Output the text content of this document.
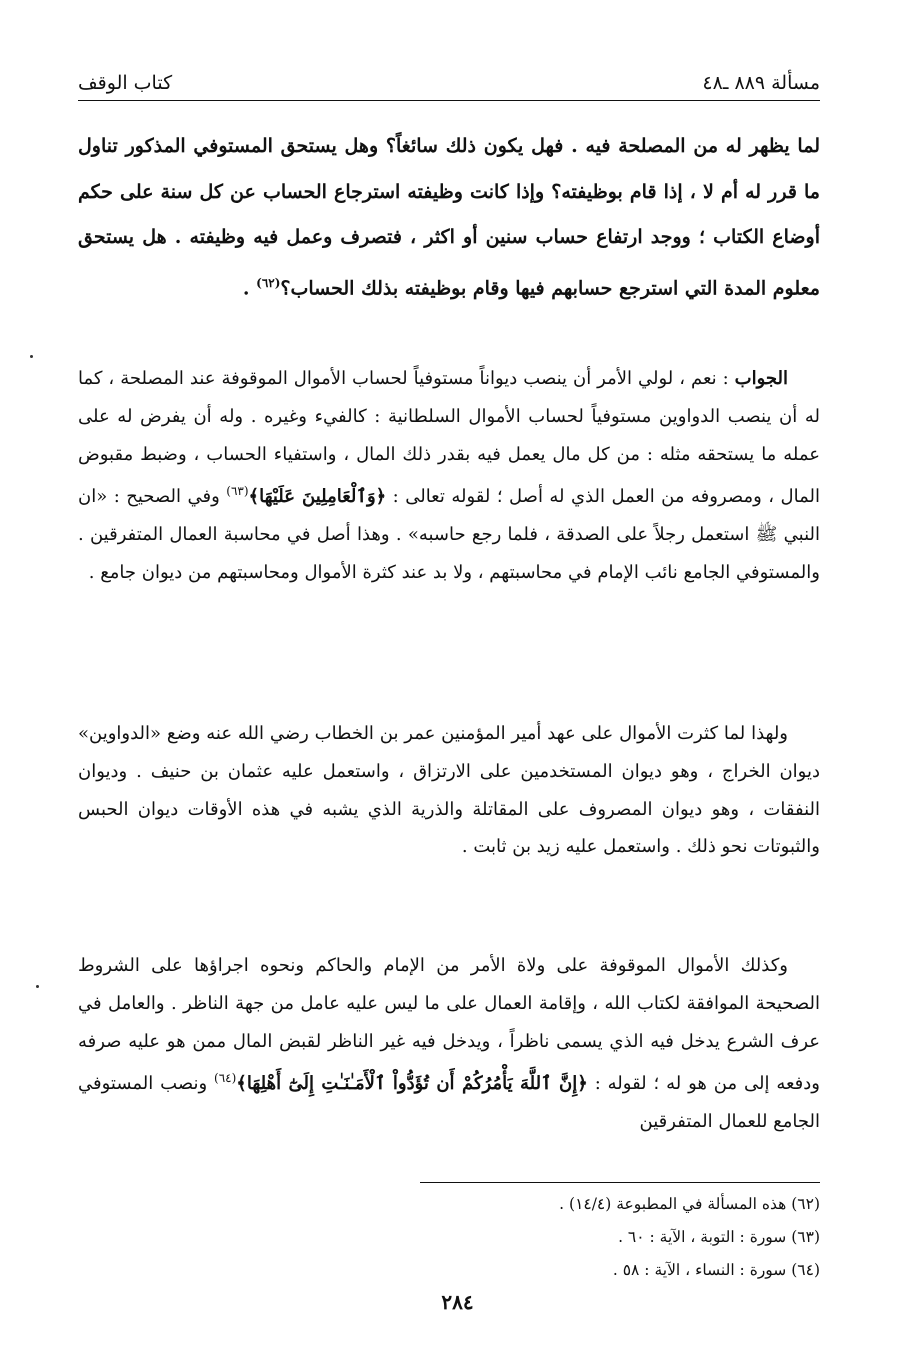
مسألة ٨٨٩ ـ٤٨
كتاب الوقف
لما يظهر له من المصلحة فيه . فهل يكون ذلك سائغاً؟ وهل يستحق المستوفي المذكور تناول ما قرر له أم لا ، إذا قام بوظيفته؟ وإذا كانت وظيفته استرجاع الحساب عن كل سنة على حكم أوضاع الكتاب ؛ ووجد ارتفاع حساب سنين أو اكثر ، فتصرف وعمل فيه وظيفته . هل يستحق معلوم المدة التي استرجع حسابهم فيها وقام بوظيفته بذلك الحساب؟$^{(٦٢)}$ .
الجواب : نعم ، لولي الأمر أن ينصب ديواناً مستوفياً لحساب الأموال الموقوفة عند المصلحة ، كما له أن ينصب الدواوين مستوفياً لحساب الأموال السلطانية : كالفيء وغيره . وله أن يفرض له على عمله ما يستحقه مثله : من كل مال يعمل فيه بقدر ذلك المال ، واستفياء الحساب ، وضبط مقبوض المال ، ومصروفه من العمل الذي له أصل ؛ لقوله تعالى : ﴿وَٱلْعَامِلِينَ عَلَيْهَا﴾$^{(٦٣)}$ وفي الصحيح : «ان النبي ﷺ استعمل رجلاً على الصدقة ، فلما رجع حاسبه» . وهذا أصل في محاسبة العمال المتفرقين . والمستوفي الجامع نائب الإمام في محاسبتهم ، ولا بد عند كثرة الأموال ومحاسبتهم من ديوان جامع .
ولهذا لما كثرت الأموال على عهد أمير المؤمنين عمر بن الخطاب رضي الله عنه وضع «الدواوين» ديوان الخراج ، وهو ديوان المستخدمين على الارتزاق ، واستعمل عليه عثمان بن حنيف . وديوان النفقات ، وهو ديوان المصروف على المقاتلة والذرية الذي يشبه في هذه الأوقات ديوان الحبس والثبوتات نحو ذلك . واستعمل عليه زيد بن ثابت .
وكذلك الأموال الموقوفة على ولاة الأمر من الإمام والحاكم ونحوه اجراؤها على الشروط الصحيحة الموافقة لكتاب الله ، وإقامة العمال على ما ليس عليه عامل من جهة الناظر . والعامل في عرف الشرع يدخل فيه الذي يسمى ناظراً ، ويدخل فيه غير الناظر لقبض المال ممن هو عليه صرفه ودفعه إلى من هو له ؛ لقوله : ﴿إِنَّ ٱللَّهَ يَأْمُرُكُمْ أَن تُؤَدُّواْ ٱلْأَمَـٰنَـٰتِ إِلَىٰٓ أَهْلِهَا﴾$^{(٦٤)}$ ونصب المستوفي الجامع للعمال المتفرقين
(٦٢) هذه المسألة في المطبوعة (١٤/٤) .
(٦٣) سورة : التوبة ، الآية : ٦٠ .
(٦٤) سورة : النساء ، الآية : ٥٨ .
٢٨٤
